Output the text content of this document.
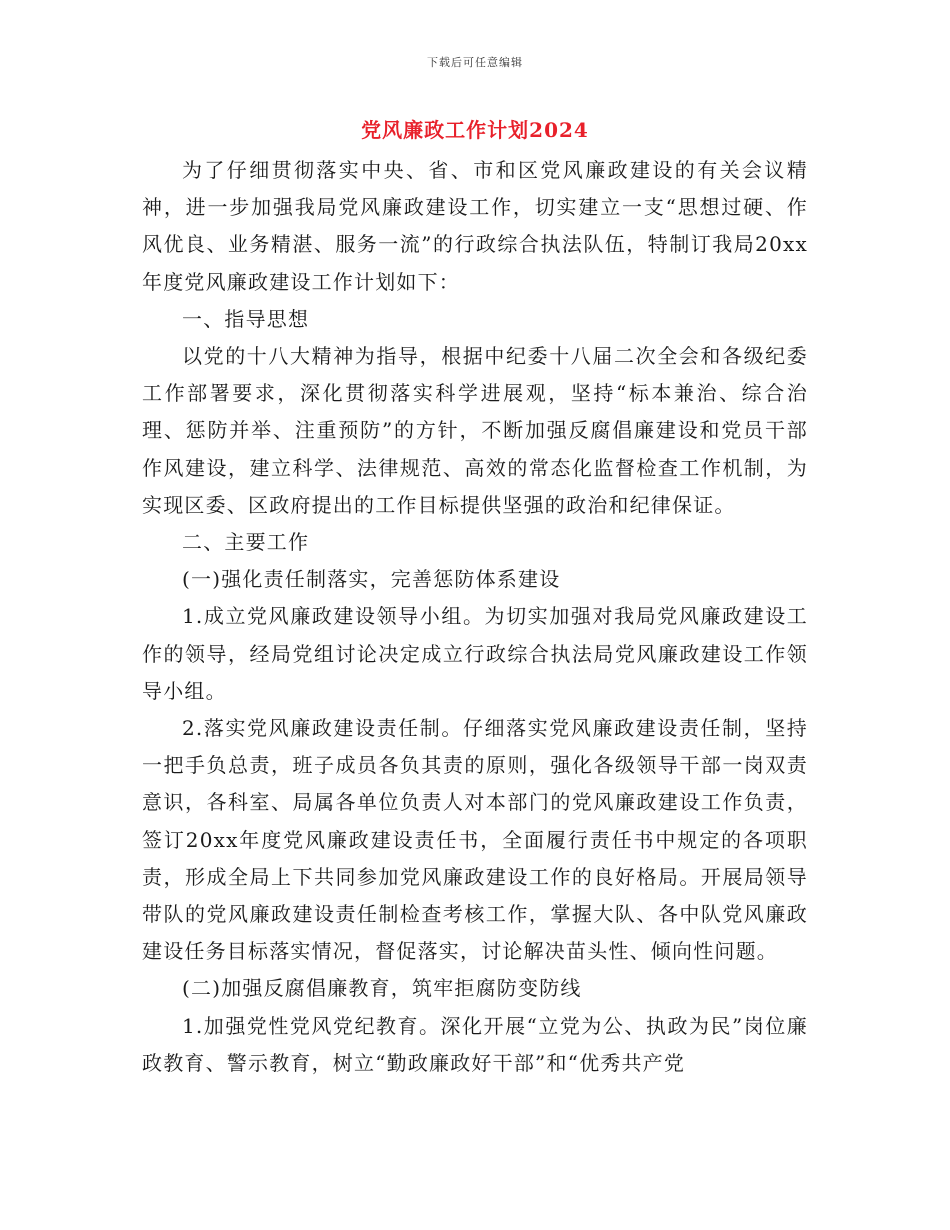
下载后可任意编辑
党风廉政工作计划2024

为了仔细贯彻落实中央、省、市和区党风廉政建设的有关会议精神，进一步加强我局党风廉政建设工作，切实建立一支“思想过硬、作风优良、业务精湛、服务一流”的行政综合执法队伍，特制订我局20xx年度党风廉政建设工作计划如下：

一、指导思想

以党的十八大精神为指导，根据中纪委十八届二次全会和各级纪委工作部署要求，深化贯彻落实科学进展观，坚持“标本兼治、综合治理、惩防并举、注重预防”的方针，不断加强反腐倡廉建设和党员干部作风建设，建立科学、法律规范、高效的常态化监督检查工作机制，为实现区委、区政府提出的工作目标提供坚强的政治和纪律保证。

二、主要工作

(一)强化责任制落实，完善惩防体系建设

1.成立党风廉政建设领导小组。为切实加强对我局党风廉政建设工作的领导，经局党组讨论决定成立行政综合执法局党风廉政建设工作领导小组。

2.落实党风廉政建设责任制。仔细落实党风廉政建设责任制，坚持一把手负总责，班子成员各负其责的原则，强化各级领导干部一岗双责意识，各科室、局属各单位负责人对本部门的党风廉政建设工作负责，签订20xx年度党风廉政建设责任书，全面履行责任书中规定的各项职责，形成全局上下共同参加党风廉政建设工作的良好格局。开展局领导带队的党风廉政建设责任制检查考核工作，掌握大队、各中队党风廉政建设任务目标落实情况，督促落实，讨论解决苗头性、倾向性问题。

(二)加强反腐倡廉教育，筑牢拒腐防变防线

1.加强党性党风党纪教育。深化开展“立党为公、执政为民”岗位廉政教育、警示教育，树立“勤政廉政好干部”和“优秀共产党
